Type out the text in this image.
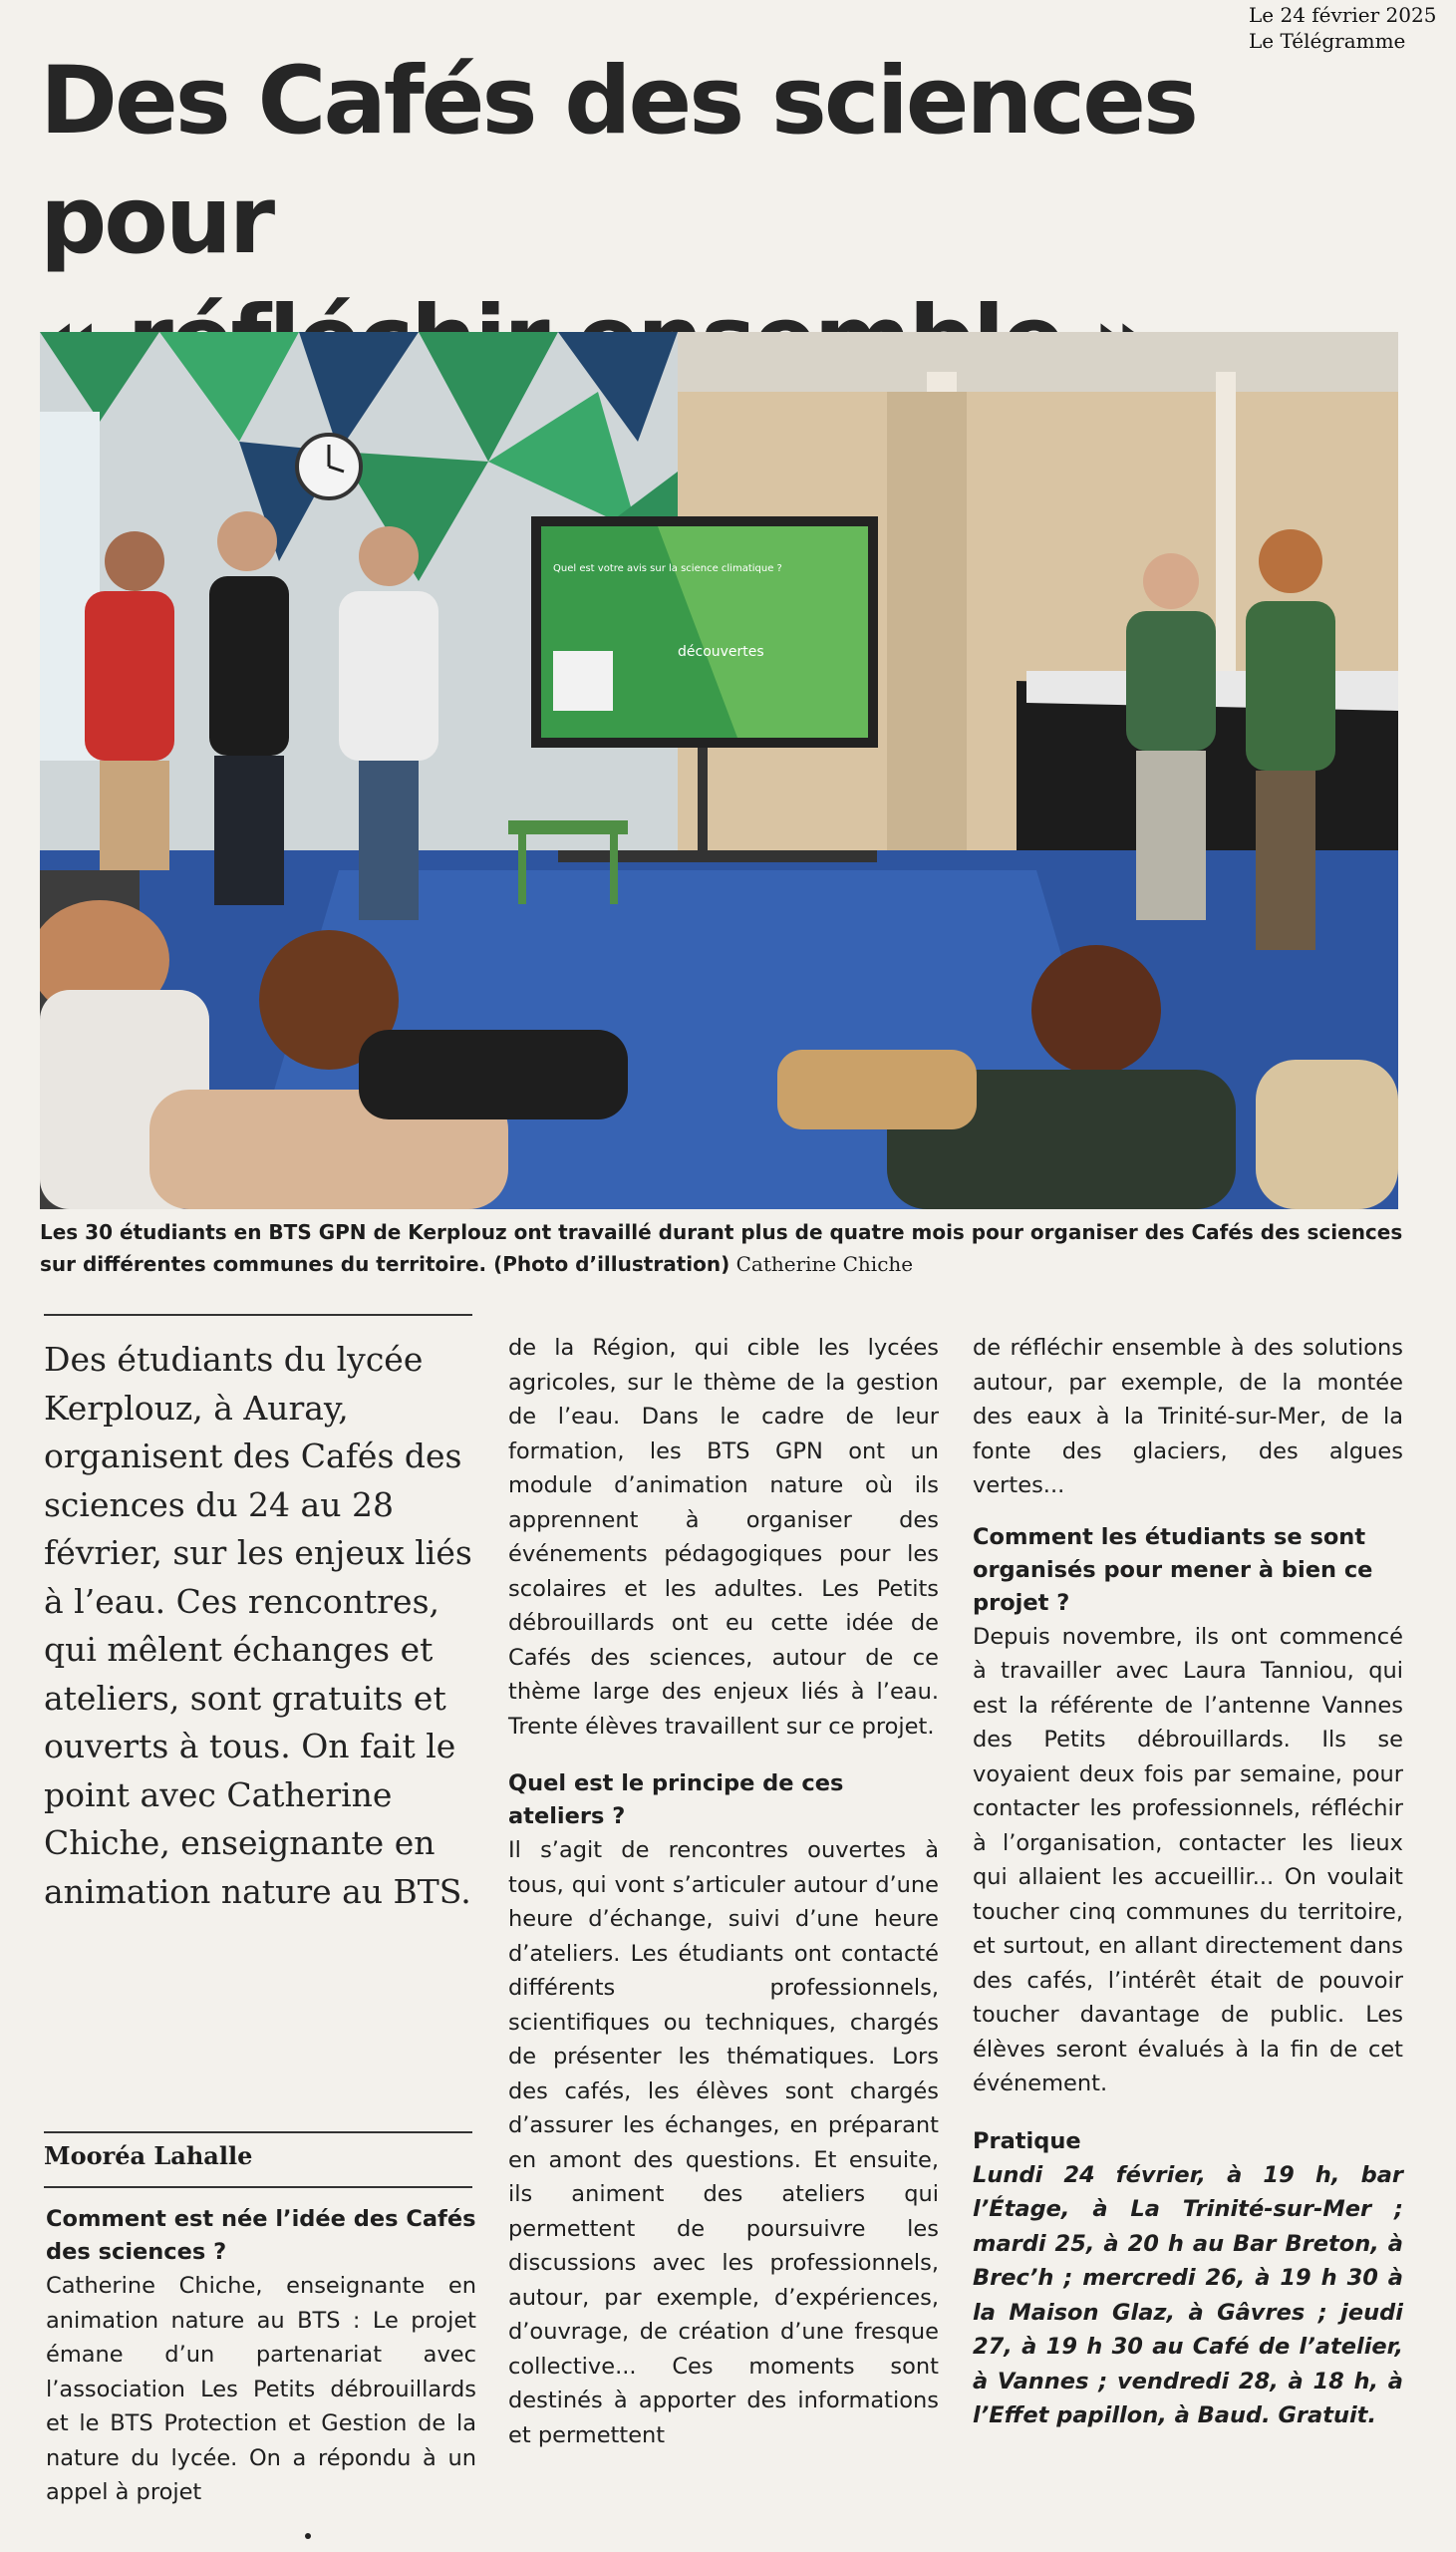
Le 24 février 2025
Le Télégramme
Des Cafés des sciences pour

Quel est votre avis sur la science climatique ?
découvertes
Les 30 étudiants en BTS GPN de Kerplouz ont travaillé durant plus de quatre mois pour organiser des Cafés des sciences sur différentes communes du territoire. (Photo d’illustration) Catherine Chiche
Des étudiants du lycée Kerplouz, à Auray, organisent des Cafés des sciences du 24 au 28 février, sur les enjeux liés à l’eau. Ces rencontres, qui mêlent échanges et ateliers, sont gratuits et ouverts à tous. On fait le point avec Catherine Chiche, enseignante en animation nature au BTS.
Mooréa Lahalle
Comment est née l’idée des Cafés des sciences ?

Catherine Chiche, enseignante en animation nature au BTS : Le projet émane d’un partenariat avec l’association Les Petits débrouillards et le BTS Protection et Gestion de la nature du lycée. On a répondu à un appel à projet

de la Région, qui cible les lycées agricoles, sur le thème de la gestion de l’eau. Dans le cadre de leur formation, les BTS GPN ont un module d’animation nature où ils apprennent à organiser des événements pédagogiques pour les scolaires et les adultes. Les Petits débrouillards ont eu cette idée de Cafés des sciences, autour de ce thème large des enjeux liés à l’eau. Trente élèves travaillent sur ce projet.

Quel est le principe de ces ateliers ?

Il s’agit de rencontres ouvertes à tous, qui vont s’articuler autour d’une heure d’échange, suivi d’une heure d’ateliers. Les étudiants ont contacté différents professionnels, scientifiques ou techniques, chargés de présenter les thématiques. Lors des cafés, les élèves sont chargés d’assurer les échanges, en préparant en amont des questions. Et ensuite, ils animent des ateliers qui permettent de poursuivre les discussions avec les professionnels, autour, par exemple, d’expériences, d’ouvrage, de création d’une fresque collective... Ces moments sont destinés à apporter des informations et permettent

de réfléchir ensemble à des solutions autour, par exemple, de la montée des eaux à la Trinité-sur-Mer, de la fonte des glaciers, des algues vertes...

Comment les étudiants se sont organisés pour mener à bien ce projet ?

Depuis novembre, ils ont commencé à travailler avec Laura Tanniou, qui est la référente de l’antenne Vannes des Petits débrouillards. Ils se voyaient deux fois par semaine, pour contacter les professionnels, réfléchir à l’organisation, contacter les lieux qui allaient les accueillir... On voulait toucher cinq communes du territoire, et surtout, en allant directement dans des cafés, l’intérêt était de pouvoir toucher davantage de public. Les élèves seront évalués à la fin de cet événement.

Pratique

Lundi 24 février, à 19 h, bar l’Étage, à La Trinité-sur-Mer ; mardi 25, à 20 h au Bar Breton, à Brec’h ; mercredi 26, à 19 h 30 à la Maison Glaz, à Gâvres ; jeudi 27, à 19 h 30 au Café de l’atelier, à Vannes ; vendredi 28, à 18 h, à l’Effet papillon, à Baud. Gratuit.
